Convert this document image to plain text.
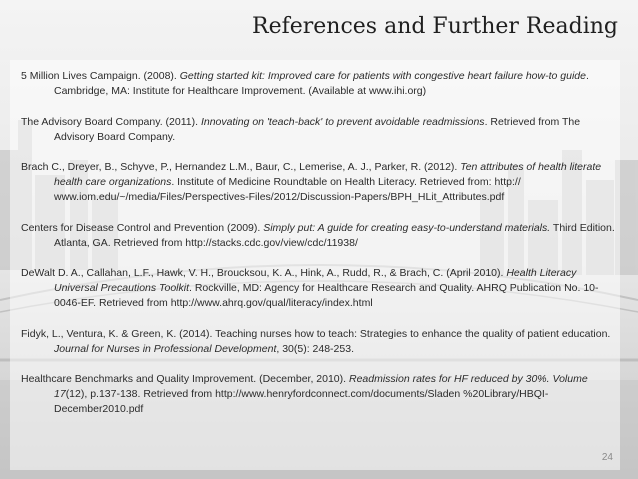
References and Further Reading

5 Million Lives Campaign. (2008). Getting started kit: Improved care for patients with congestive heart failure how-to guide. Cambridge, MA: Institute for Healthcare Improvement. (Available at www.ihi.org)

The Advisory Board Company. (2011). Innovating on 'teach-back' to prevent avoidable readmissions. Retrieved from The Advisory Board Company.

Brach C., Dreyer, B., Schyve, P., Hernandez L.M., Baur, C., Lemerise, A. J., Parker, R. (2012). Ten attributes of health literate health care organizations. Institute of Medicine Roundtable on Health Literacy. Retrieved from: http:// www.iom.edu/~/media/Files/Perspectives-Files/2012/Discussion-Papers/BPH_HLit_Attributes.pdf

Centers for Disease Control and Prevention (2009). Simply put: A guide for creating easy-to-understand materials. Third Edition. Atlanta, GA. Retrieved from http://stacks.cdc.gov/view/cdc/11938/

DeWalt D. A., Callahan, L.F., Hawk, V. H., Broucksou, K. A., Hink, A., Rudd, R., & Brach, C. (April 2010). Health Literacy Universal Precautions Toolkit. Rockville, MD: Agency for Healthcare Research and Quality. AHRQ Publication No. 10-0046-EF. Retrieved from http://www.ahrq.gov/qual/literacy/index.html

Fidyk, L., Ventura, K. & Green, K. (2014). Teaching nurses how to teach: Strategies to enhance the quality of patient education. Journal for Nurses in Professional Development, 30(5): 248-253.

Healthcare Benchmarks and Quality Improvement. (December, 2010). Readmission rates for HF reduced by 30%. Volume 17(12), p.137-138. Retrieved from http://www.henryfordconnect.com/documents/Sladen %20Library/HBQI-December2010.pdf

24
